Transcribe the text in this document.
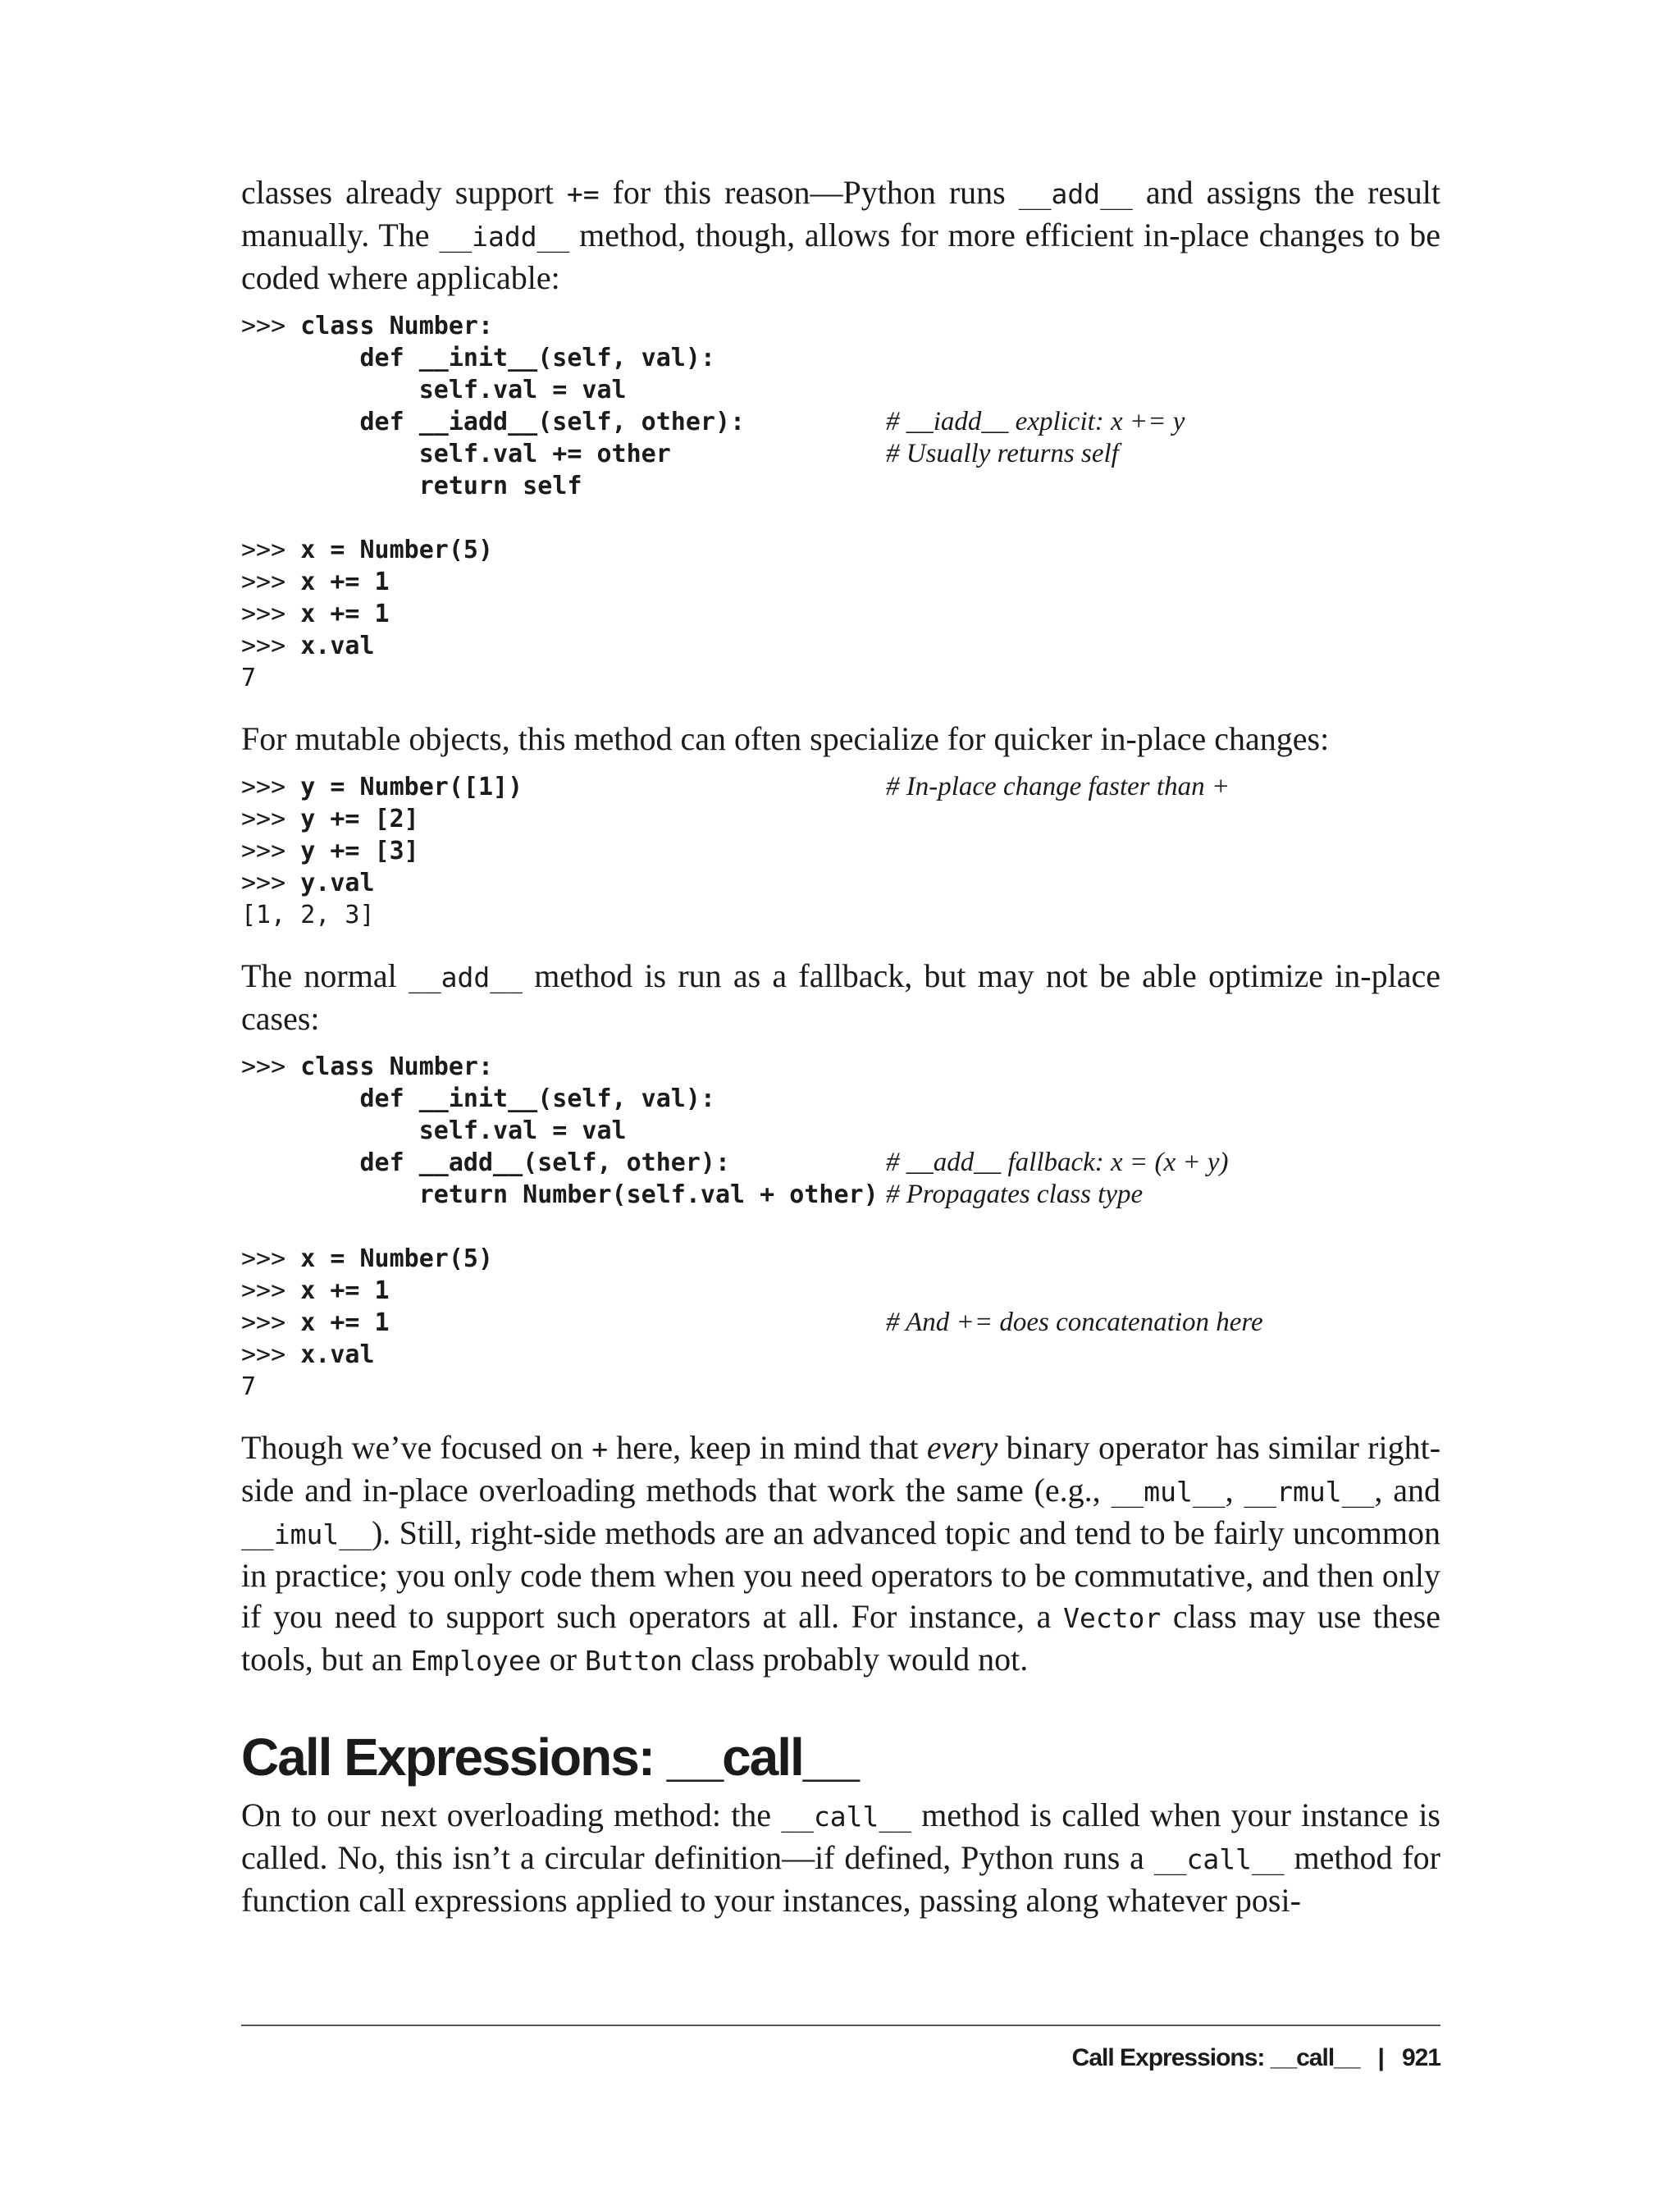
classes already support += for this reason—Python runs __add__ and assigns the result manually. The __iadd__ method, though, allows for more efficient in-place changes to be coded where applicable:

>>> class Number:
def __init__(self, val):
self.val = val
def __iadd__(self, other):	# __iadd__ explicit: x += y
self.val += other	# Usually returns self
return self
>>> x = Number(5)
>>> x += 1
>>> x += 1
>>> x.val
7

For mutable objects, this method can often specialize for quicker in-place changes:

>>> y = Number([1])	# In-place change faster than +
>>> y += [2]
>>> y += [3]
>>> y.val
[1, 2, 3]

The normal __add__ method is run as a fallback, but may not be able optimize in-place cases:

>>> class Number:
def __init__(self, val):
self.val = val
def __add__(self, other):	# __add__ fallback: x = (x + y)
return Number(self.val + other) # Propagates class type
>>> x = Number(5)
>>> x += 1
>>> x += 1	# And += does concatenation here
>>> x.val
7

Though we’ve focused on + here, keep in mind that every binary operator has similar right-side and in-place overloading methods that work the same (e.g., __mul__, __rmul__, and __imul__). Still, right-side methods are an advanced topic and tend to be fairly uncommon in practice; you only code them when you need operators to be commutative, and then only if you need to support such operators at all. For instance, a Vector class may use these tools, but an Employee or Button class probably would not.

Call Expressions: __call__

On to our next overloading method: the __call__ method is called when your instance is called. No, this isn’t a circular definition—if defined, Python runs a __call__ method for function call expressions applied to your instances, passing along whatever posi-

Call Expressions: __call__ | 921
